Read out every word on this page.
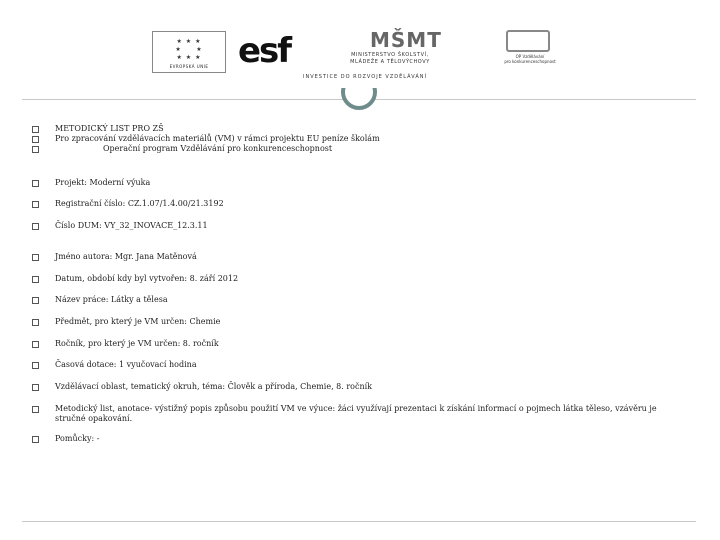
★ ★ ★
★     ★
★ ★ ★
EVROPSKÁ UNIE esf	MŠMT
MINISTERSTVO ŠKOLSTVÍ,
MLÁDEŽE A TĚLOVÝCHOVY
OP Vzdělávání
pro konkurenceschopnost
INVESTICE DO ROZVOJE VZDĚLÁVÁNÍ
METODICKÝ LIST PRO ZŠ
Pro zpracování vzdělávacích materiálů (VM) v rámci projektu EU peníze školám
Operační program Vzdělávání pro konkurenceschopnost
Projekt: Moderní výuka
Registrační číslo: CZ.1.07/1.4.00/21.3192
Číslo DUM: VY_32_INOVACE_12.3.11
Jméno autora: Mgr. Jana Matěnová
Datum, období kdy byl vytvořen: 8. září 2012
Název práce: Látky a tělesa
Předmět, pro který je VM určen: Chemie
Ročník, pro který je VM určen: 8. ročník
Časová dotace: 1 vyučovací hodina
Vzdělávací oblast, tematický okruh, téma: Člověk a příroda, Chemie, 8. ročník
Metodický list, anotace- výstižný popis způsobu použití VM ve výuce: žáci využívají prezentaci k získání informací o pojmech látka těleso, vzávěru je stručné opakování.
Pomůcky: -
